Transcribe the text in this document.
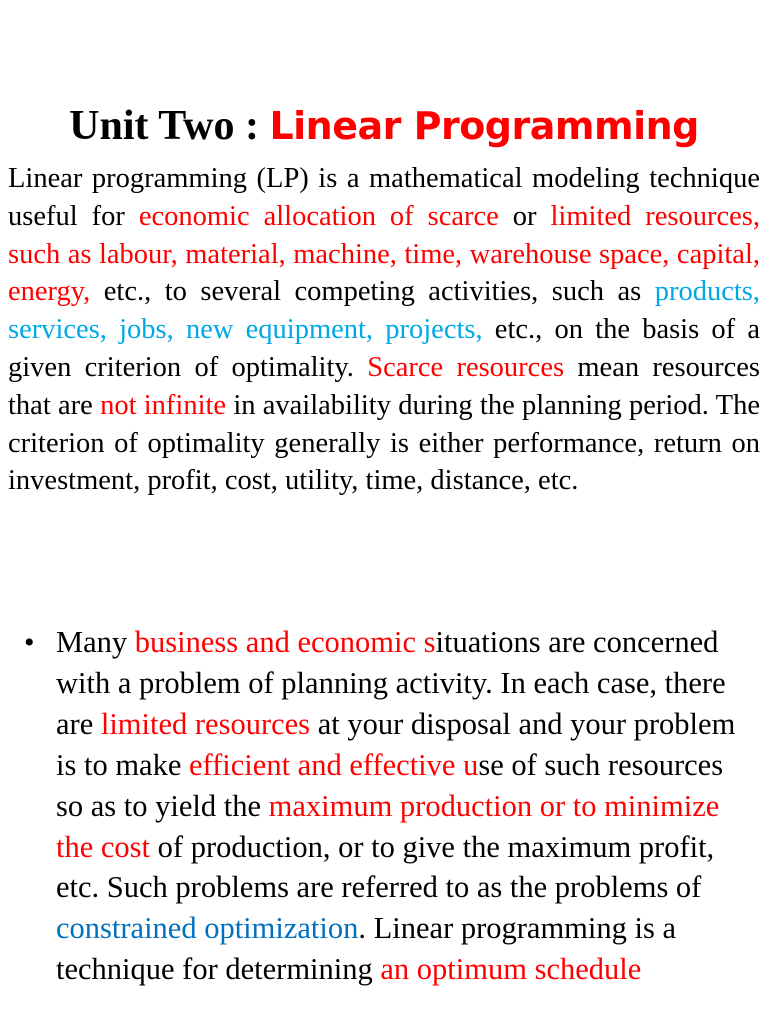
Unit Two : Linear Programming

Linear programming (LP) is a mathematical modeling technique useful for economic allocation of scarce or limited resources, such as labour, material, machine, time, warehouse space, capital, energy, etc., to several competing activities, such as products, services, jobs, new equipment, projects, etc., on the basis of a given criterion of optimality. Scarce resources mean resources that are not infinite in availability during the planning period. The criterion of optimality generally is either performance, return on investment, profit, cost, utility, time, distance, etc.

• Many business and economic situations are concerned with a problem of planning activity. In each case, there are limited resources at your disposal and your problem is to make efficient and effective use of such resources so as to yield the maximum production or to minimize the cost of production, or to give the maximum profit, etc. Such problems are referred to as the problems of constrained optimization. Linear programming is a technique for determining an optimum schedule
